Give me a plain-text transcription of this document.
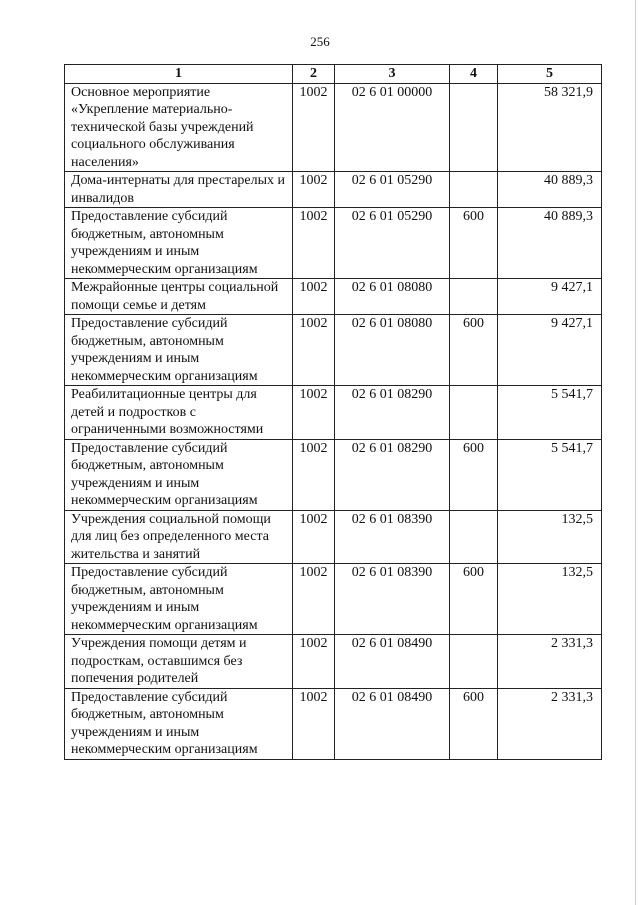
256
1	2	3	4	5
Основное мероприятие «Укрепление материально-технической базы учреждений социального обслуживания населения»	1002	02 6 01 00000		58 321,9
Дома-интернаты для престарелых и инвалидов	1002	02 6 01 05290		40 889,3
Предоставление субсидий бюджетным, автономным учреждениям и иным некоммерческим организациям	1002	02 6 01 05290	600	40 889,3
Межрайонные центры социальной помощи семье и детям	1002	02 6 01 08080		9 427,1
Предоставление субсидий бюджетным, автономным учреждениям и иным некоммерческим организациям	1002	02 6 01 08080	600	9 427,1
Реабилитационные центры для детей и подростков с ограниченными возможностями	1002	02 6 01 08290		5 541,7
Предоставление субсидий бюджетным, автономным учреждениям и иным некоммерческим организациям	1002	02 6 01 08290	600	5 541,7
Учреждения социальной помощи для лиц без определенного места жительства и занятий	1002	02 6 01 08390		132,5
Предоставление субсидий бюджетным, автономным учреждениям и иным некоммерческим организациям	1002	02 6 01 08390	600	132,5
Учреждения помощи детям и подросткам, оставшимся без попечения родителей	1002	02 6 01 08490		2 331,3
Предоставление субсидий бюджетным, автономным учреждениям и иным некоммерческим организациям	1002	02 6 01 08490	600	2 331,3
